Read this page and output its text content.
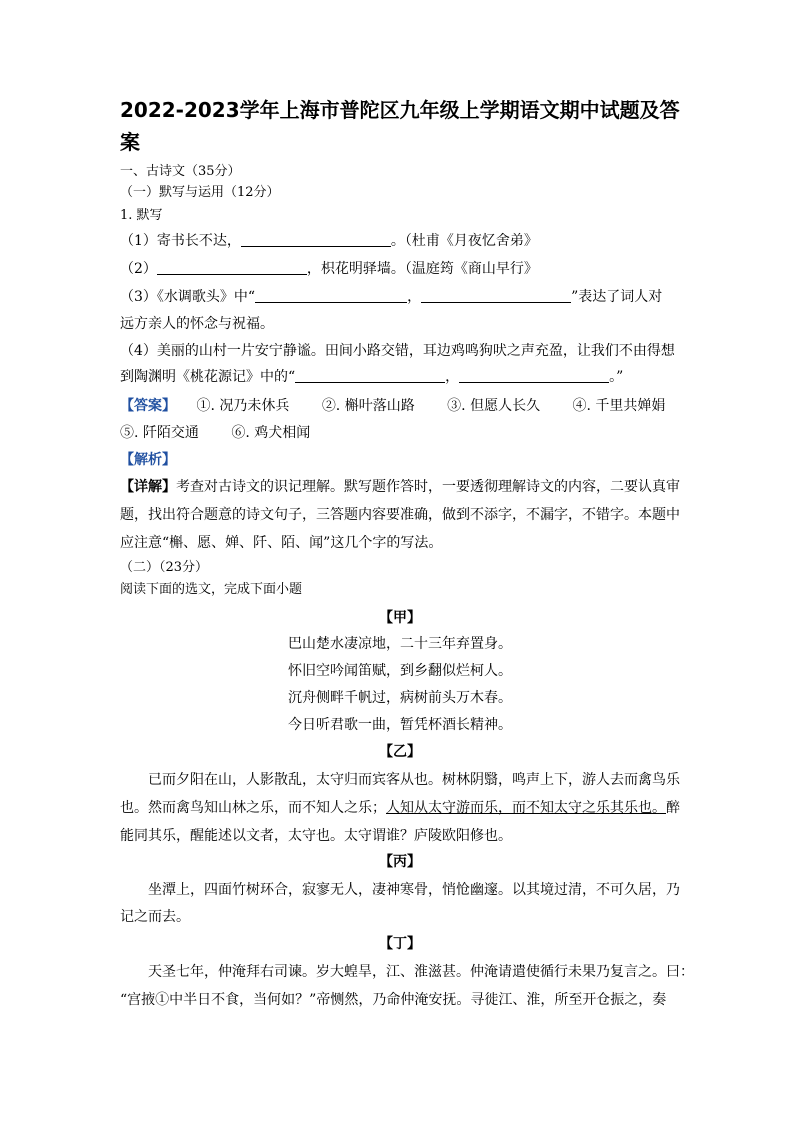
2022-2023学年上海市普陀区九年级上学期语文期中试题及答案
一、古诗文（35分）
（一）默写与运用（12分）
1. 默写
（1）寄书长不达，	。（杜甫《月夜忆舍弟》
（2）	，枳花明驿墙。（温庭筠《商山早行》
（3）《水调歌头》中“	，	”表达了词人对
远方亲人的怀念与祝福。
（4）美丽的山村一片安宁静谧。田间小路交错，耳边鸡鸣狗吠之声充盈，让我们不由得想
到陶渊明《桃花源记》中的“	，	。”
【答案】 ①. 况乃未休兵 ②. 槲叶落山路 ③. 但愿人长久 ④. 千里共婵娟
⑤. 阡陌交通 ⑥. 鸡犬相闻
【解析】
【详解】考查对古诗文的识记理解。默写题作答时，一要透彻理解诗文的内容，二要认真审
题，找出符合题意的诗文句子，三答题内容要准确，做到不添字，不漏字，不错字。本题中
应注意“槲、愿、婵、阡、陌、闻”这几个字的写法。
（二）（23分）
阅读下面的选文，完成下面小题
【甲】
巴山楚水凄凉地，二十三年弃置身。
怀旧空吟闻笛赋，到乡翻似烂柯人。
沉舟侧畔千帆过，病树前头万木春。
今日听君歌一曲，暂凭杯酒长精神。
【乙】
已而夕阳在山，人影散乱，太守归而宾客从也。树林阴翳，鸣声上下，游人去而禽鸟乐
也。然而禽鸟知山林之乐，而不知人之乐；人知从太守游而乐，而不知太守之乐其乐也。醉
能同其乐，醒能述以文者，太守也。太守谓谁？庐陵欧阳修也。
【丙】
坐潭上，四面竹树环合，寂寥无人，凄神寒骨，悄怆幽邃。以其境过清，不可久居，乃
记之而去。
【丁】
天圣七年，仲淹拜右司谏。岁大蝗旱，江、淮滋甚。仲淹请遣使循行未果乃复言之。曰：
“宫掖①中半日不食，当何如？”帝恻然，乃命仲淹安抚。寻徙江、淮，所至开仓振之，奏
